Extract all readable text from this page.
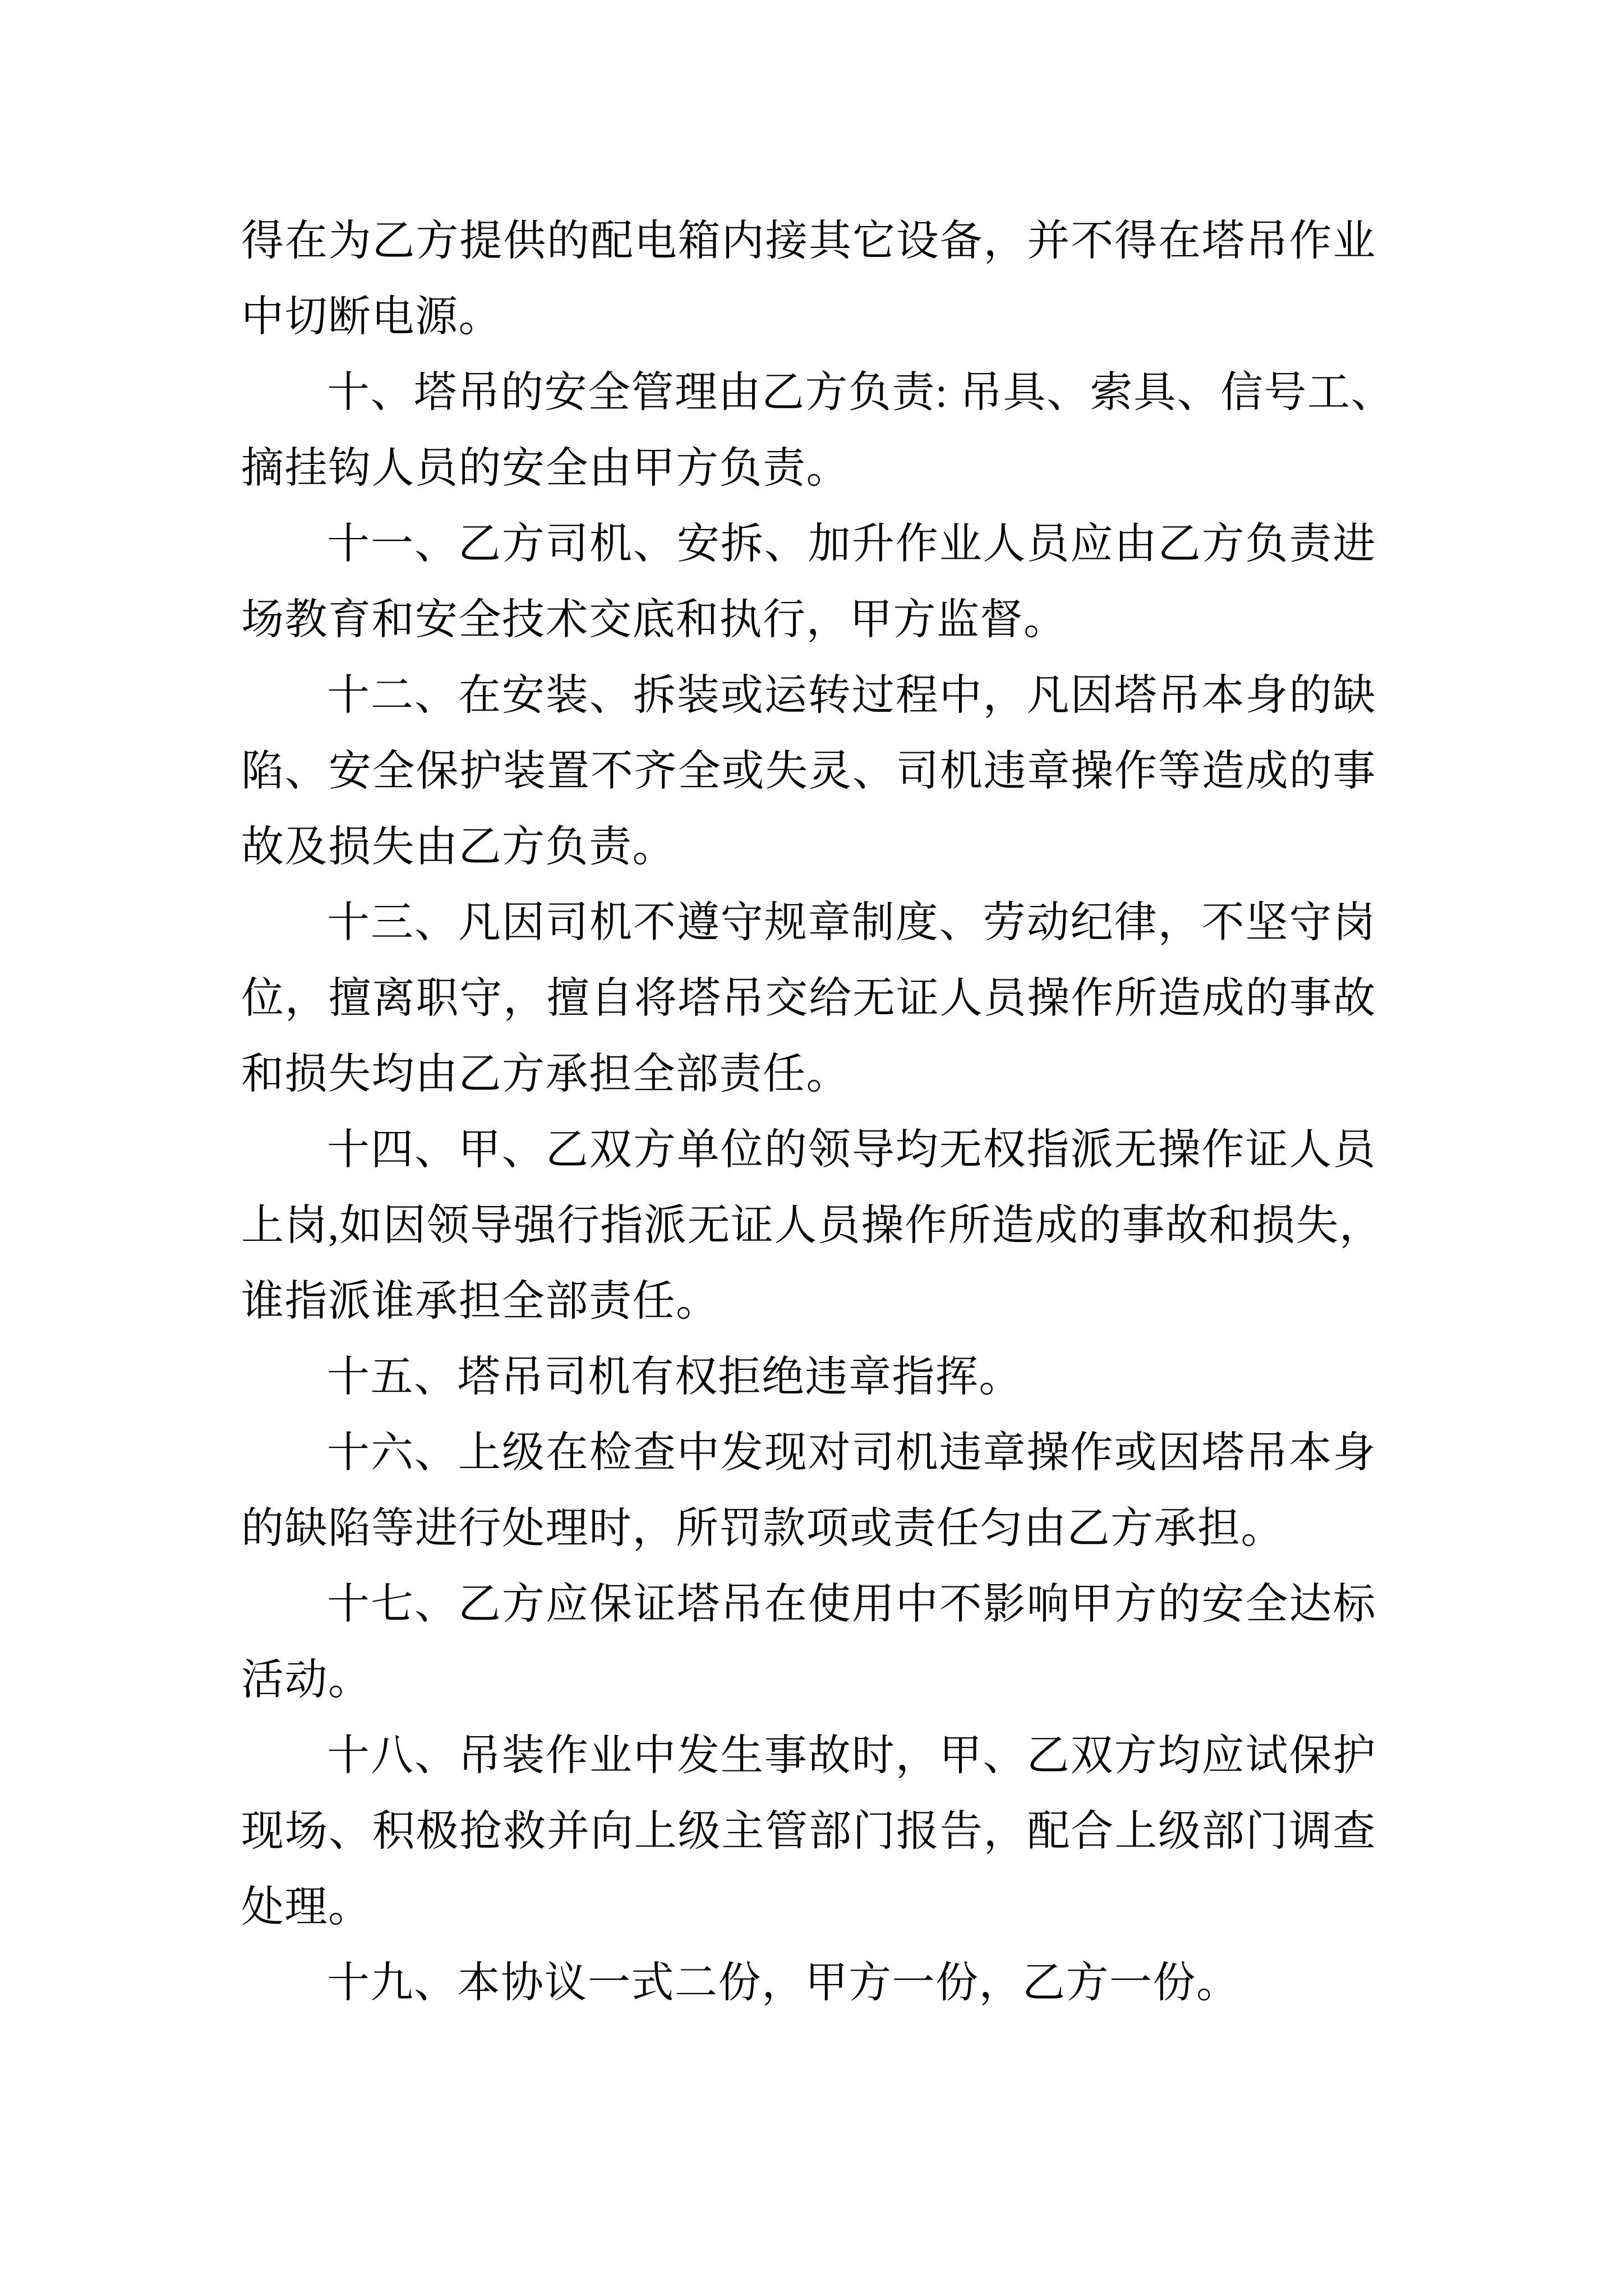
得在为乙方提供的配电箱内接其它设备，并不得在塔吊作业
中切断电源。
十、塔吊的安全管理由乙方负责: 吊具、索具、信号工、
摘挂钩人员的安全由甲方负责。
十一、乙方司机、安拆、加升作业人员应由乙方负责进
场教育和安全技术交底和执行，甲方监督。
十二、在安装、拆装或运转过程中，凡因塔吊本身的缺
陷、安全保护装置不齐全或失灵、司机违章操作等造成的事
故及损失由乙方负责。
十三、凡因司机不遵守规章制度、劳动纪律，不坚守岗
位，擅离职守，擅自将塔吊交给无证人员操作所造成的事故
和损失均由乙方承担全部责任。
十四、甲、乙双方单位的领导均无权指派无操作证人员
上岗,如因领导强行指派无证人员操作所造成的事故和损失，
谁指派谁承担全部责任。
十五、塔吊司机有权拒绝违章指挥。
十六、上级在检查中发现对司机违章操作或因塔吊本身
的缺陷等进行处理时，所罚款项或责任匀由乙方承担。
十七、乙方应保证塔吊在使用中不影响甲方的安全达标
活动。
十八、吊装作业中发生事故时，甲、乙双方均应试保护
现场、积极抢救并向上级主管部门报告，配合上级部门调查
处理。
十九、本协议一式二份，甲方一份，乙方一份。
